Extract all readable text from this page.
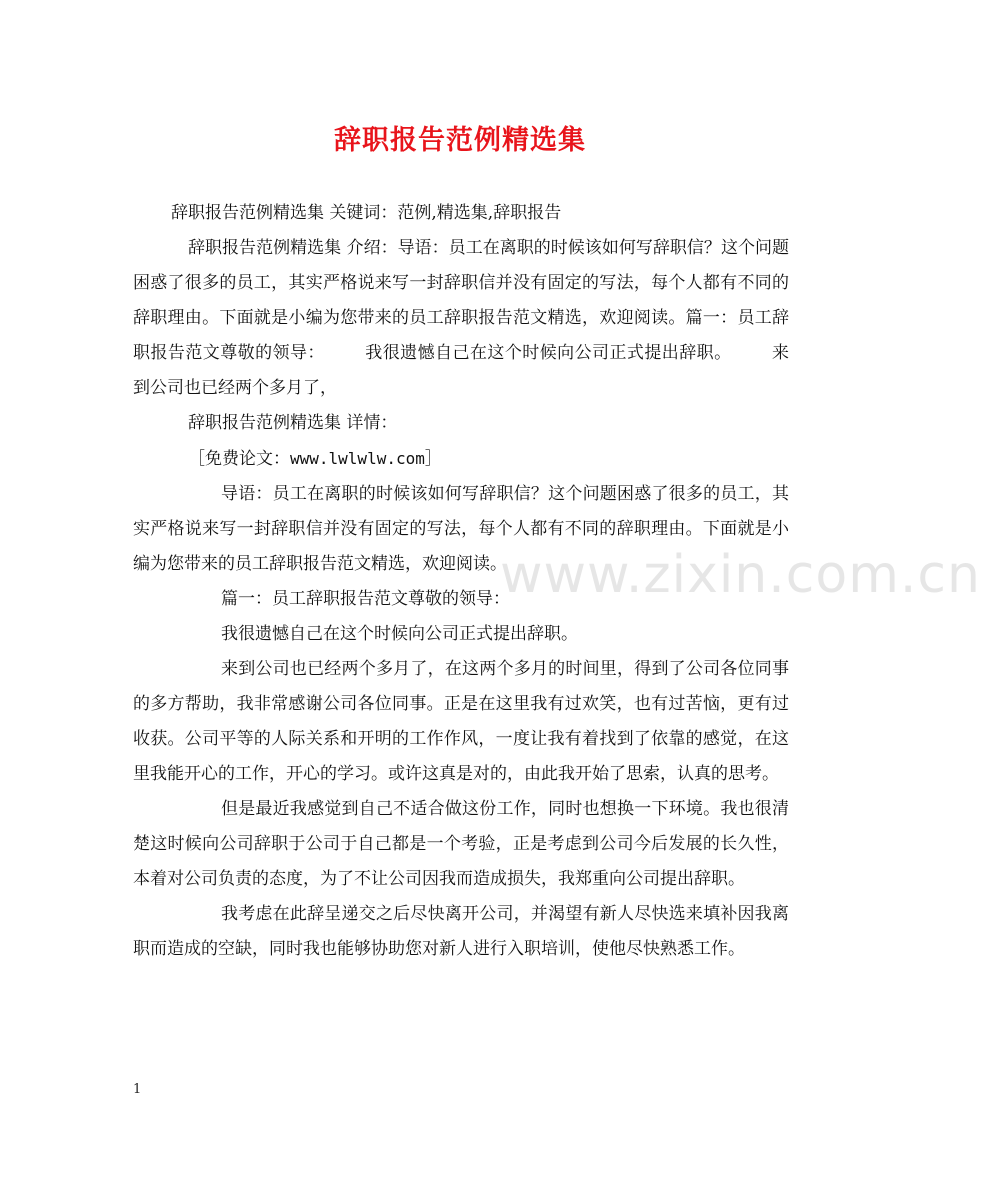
www.zixin.com.cn
辞职报告范例精选集

辞职报告范例精选集 关键词：范例,精选集,辞职报告

辞职报告范例精选集 介绍：导语：员工在离职的时候该如何写辞职信？这个问题困惑了很多的员工，其实严格说来写一封辞职信并没有固定的写法，每个人都有不同的辞职理由。下面就是小编为您带来的员工辞职报告范文精选，欢迎阅读。篇一：员工辞职报告范文尊敬的领导： 我很遗憾自己在这个时候向公司正式提出辞职。 来到公司也已经两个多月了，

辞职报告范例精选集 详情：

［免费论文：www.lwlwlw.com］

导语：员工在离职的时候该如何写辞职信？这个问题困惑了很多的员工，其实严格说来写一封辞职信并没有固定的写法，每个人都有不同的辞职理由。下面就是小编为您带来的员工辞职报告范文精选，欢迎阅读。

篇一：员工辞职报告范文尊敬的领导：

我很遗憾自己在这个时候向公司正式提出辞职。

来到公司也已经两个多月了，在这两个多月的时间里，得到了公司各位同事的多方帮助，我非常感谢公司各位同事。正是在这里我有过欢笑，也有过苦恼，更有过收获。公司平等的人际关系和开明的工作作风，一度让我有着找到了依靠的感觉，在这里我能开心的工作，开心的学习。或许这真是对的，由此我开始了思索，认真的思考。

但是最近我感觉到自己不适合做这份工作，同时也想换一下环境。我也很清楚这时候向公司辞职于公司于自己都是一个考验，正是考虑到公司今后发展的长久性，本着对公司负责的态度，为了不让公司因我而造成损失，我郑重向公司提出辞职。

我考虑在此辞呈递交之后尽快离开公司，并渴望有新人尽快选来填补因我离职而造成的空缺，同时我也能够协助您对新人进行入职培训，使他尽快熟悉工作。

1
